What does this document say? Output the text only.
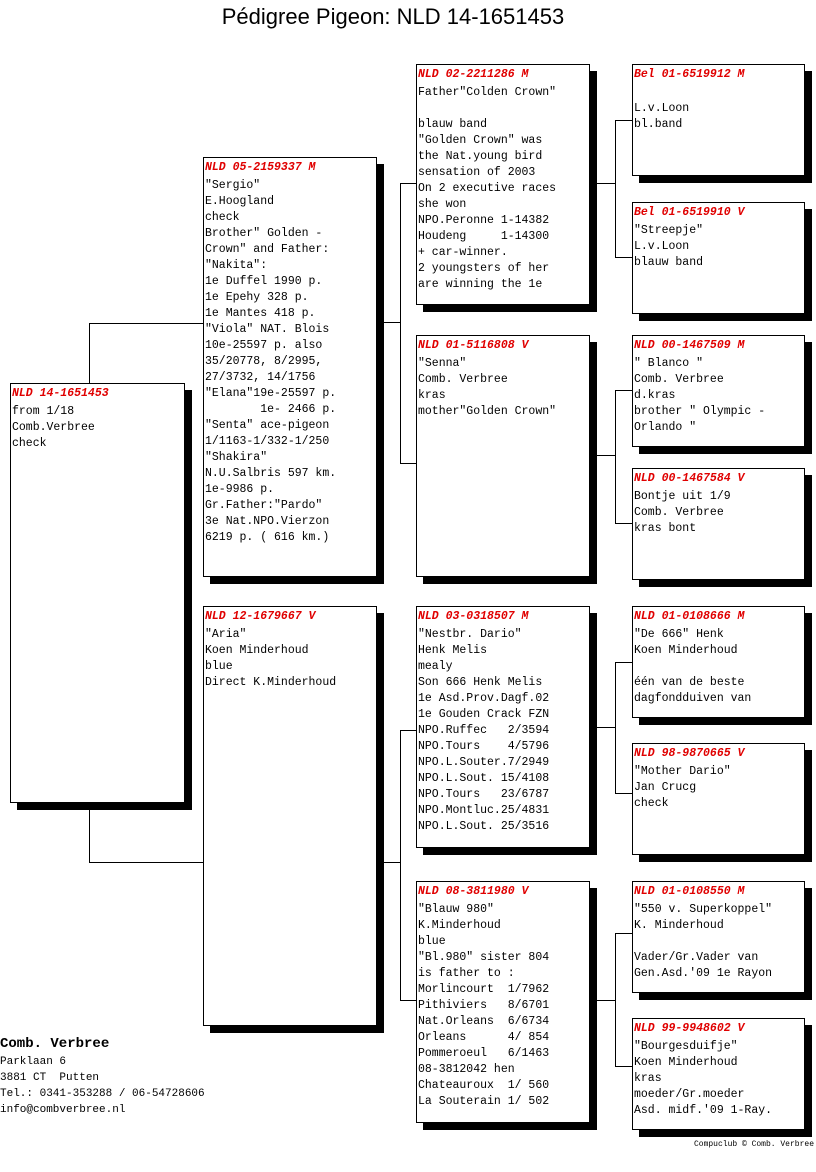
Pédigree Pigeon: NLD 14-1651453
NLD 14-1651453
from 1/18
Comb.Verbree
check
NLD 05-2159337 M
"Sergio"
E.Hoogland
check
Brother" Golden -
Crown" and Father:
"Nakita":
1e Duffel 1990 p.
1e Epehy 328 p.
1e Mantes 418 p.
"Viola" NAT. Blois
10e-25597 p. also
35/20778, 8/2995,
27/3732, 14/1756
"Elana"19e-25597 p.
1e- 2466 p.
"Senta" ace-pigeon
1/1163-1/332-1/250
"Shakira"
N.U.Salbris 597 km.
1e-9986 p.
Gr.Father:"Pardo"
3e Nat.NPO.Vierzon
6219 p. ( 616 km.)
NLD 12-1679667 V
"Aria"
Koen Minderhoud
blue
Direct K.Minderhoud
NLD 02-2211286 M
Father"Colden Crown"

blauw band
"Golden Crown" was
the Nat.young bird
sensation of 2003
On 2 executive races
she won
NPO.Peronne 1-14382
Houdeng     1-14300
+ car-winner.
2 youngsters of her
are winning the 1e
NLD 01-5116808 V
"Senna"
Comb. Verbree
kras
mother"Golden Crown"
NLD 03-0318507 M
"Nestbr. Dario"
Henk Melis
mealy
Son 666 Henk Melis
1e Asd.Prov.Dagf.02
1e Gouden Crack FZN
NPO.Ruffec   2/3594
NPO.Tours    4/5796
NPO.L.Souter.7/2949
NPO.L.Sout. 15/4108
NPO.Tours   23/6787
NPO.Montluc.25/4831
NPO.L.Sout. 25/3516
NLD 08-3811980 V
"Blauw 980"
K.Minderhoud
blue
"Bl.980" sister 804
is father to :
Morlincourt  1/7962
Pithiviers   8/6701
Nat.Orleans  6/6734
Orleans      4/ 854
Pommeroeul   6/1463
08-3812042 hen
Chateauroux  1/ 560
La Souterain 1/ 502
Bel 01-6519912 M
L.v.Loon
bl.band
Bel 01-6519910 V
"Streepje"
L.v.Loon
blauw band
NLD 00-1467509 M
" Blanco "
Comb. Verbree
d.kras
brother " Olympic -
Orlando "
NLD 00-1467584 V
Bontje uit 1/9
Comb. Verbree
kras bont
NLD 01-0108666 M
"De 666" Henk
Koen Minderhoud

één van de beste
dagfondduiven van
NLD 98-9870665 V
"Mother Dario"
Jan Crucg
check
NLD 01-0108550 M
"550 v. Superkoppel"
K. Minderhoud

Vader/Gr.Vader van
Gen.Asd.'09 1e Rayon
NLD 99-9948602 V
"Bourgesduifje"
Koen Minderhoud
kras
moeder/Gr.moeder
Asd. midf.'09 1-Ray.
Comb. Verbree
Parklaan 6
3881 CT  Putten
Tel.: 0341-353288 / 06-54728606
info@combverbree.nl
Compuclub © Comb. Verbree
